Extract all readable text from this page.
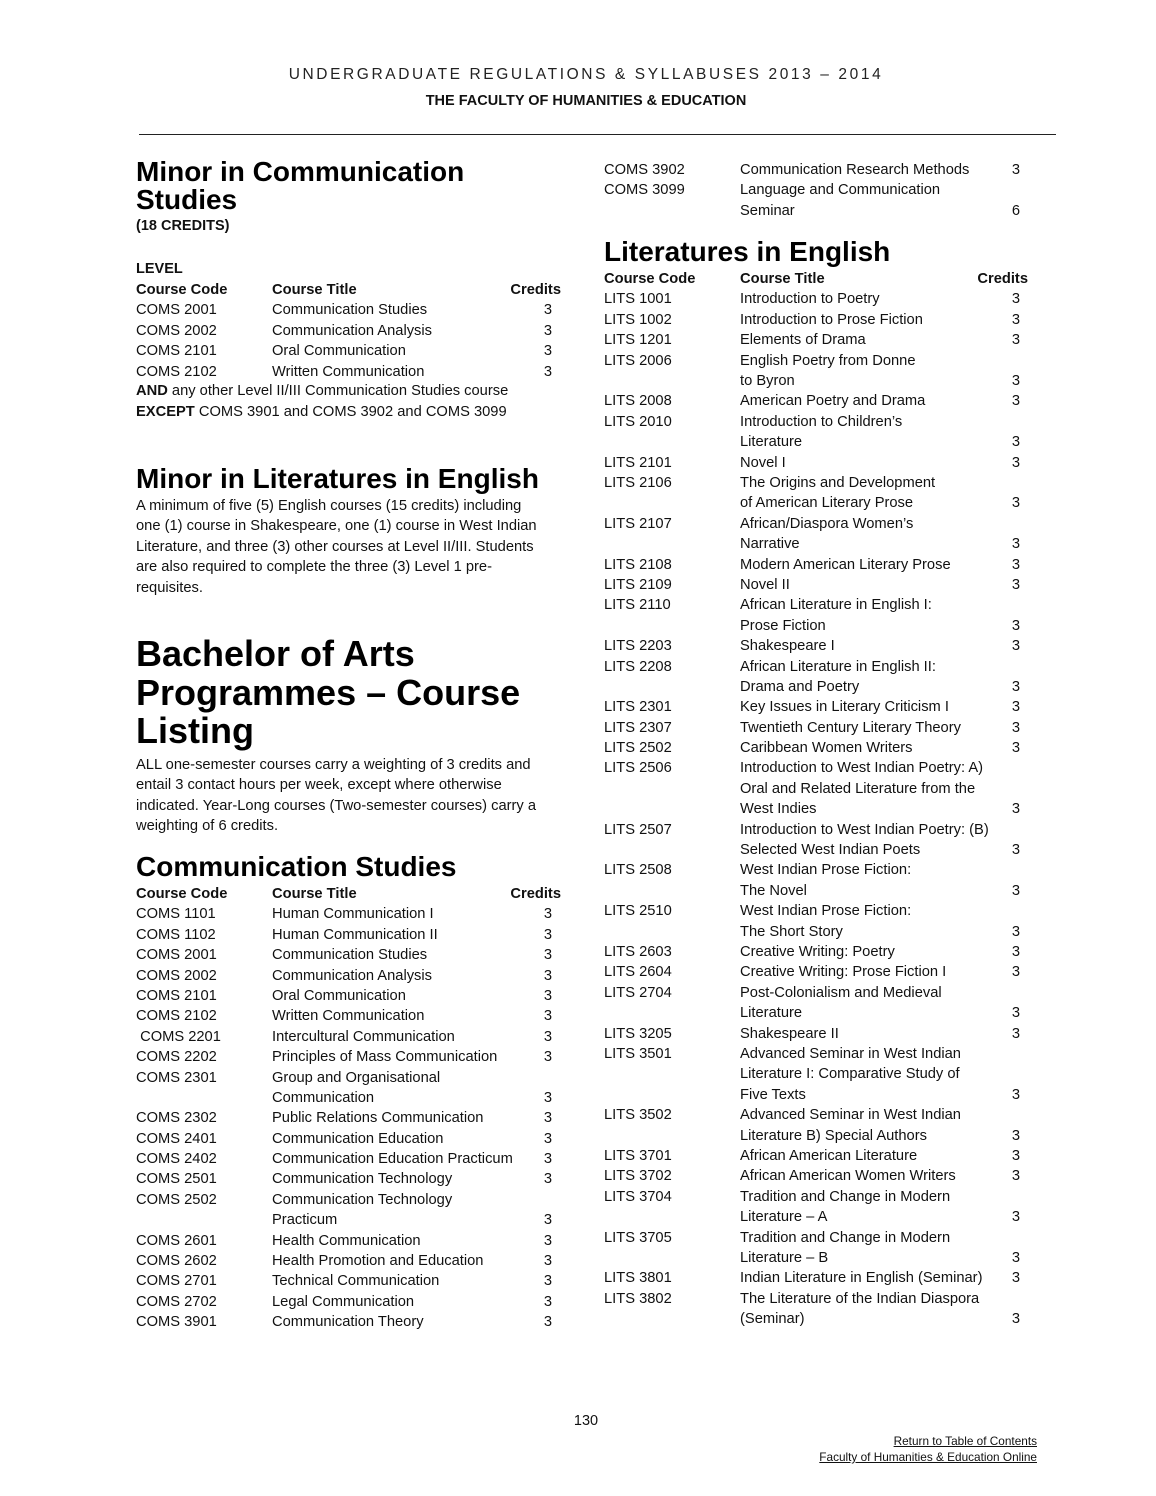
UNDERGRADUATE REGULATIONS & SYLLABUSES 2013 – 2014
THE FACULTY OF HUMANITIES & EDUCATION
Minor in Communication
Studies
(18 CREDITS)
LEVEL
Course Code	Course Title	Credits
COMS 2001	Communication Studies	3
COMS 2002	Communication Analysis	3
COMS 2101	Oral Communication	3
COMS 2102	Written Communication	3
AND any other Level II/III Communication Studies course
EXCEPT COMS 3901 and COMS 3902 and COMS 3099
Minor in Literatures in English
A minimum of five (5) English courses (15 credits) including
one (1) course in Shakespeare, one (1) course in West Indian
Literature, and three (3) other courses at Level II/III. Students
are also required to complete the three (3) Level 1 pre-
requisites.
Bachelor of Arts
Programmes – Course
Listing
ALL one-semester courses carry a weighting of 3 credits and
entail 3 contact hours per week, except where otherwise
indicated. Year-Long courses (Two-semester courses) carry a
weighting of 6 credits.
Communication Studies
Course Code	Course Title	Credits
COMS 1101	Human Communication I	3
COMS 1102	Human Communication II	3
COMS 2001	Communication Studies	3
COMS 2002	Communication Analysis	3
COMS 2101	Oral Communication	3
COMS 2102	Written Communication	3
COMS 2201	Intercultural Communication	3
COMS 2202	Principles of Mass Communication	3
COMS 2301	Group and Organisational
Communication	3
COMS 2302	Public Relations Communication	3
COMS 2401	Communication Education	3
COMS 2402	Communication Education Practicum	3
COMS 2501	Communication Technology	3
COMS 2502	Communication Technology
Practicum	3
COMS 2601	Health Communication	3
COMS 2602	Health Promotion and Education	3
COMS 2701	Technical Communication	3
COMS 2702	Legal Communication	3
COMS 3901	Communication Theory	3
COMS 3902	Communication Research Methods	3
COMS 3099	Language and Communication
Seminar	6
Literatures in English
Course Code	Course Title	Credits
LITS 1001	Introduction to Poetry	3
LITS 1002	Introduction to Prose Fiction	3
LITS 1201	Elements of Drama	3
LITS 2006	English Poetry from Donne
to Byron	3
LITS 2008	American Poetry and Drama	3
LITS 2010	Introduction to Children’s
Literature	3
LITS 2101	Novel I	3
LITS 2106	The Origins and Development
of American Literary Prose	3
LITS 2107	African/Diaspora Women’s
Narrative	3
LITS 2108	Modern American Literary Prose	3
LITS 2109	Novel II	3
LITS 2110	African Literature in English I:
Prose Fiction	3
LITS 2203	Shakespeare I	3
LITS 2208	African Literature in English II:
Drama and Poetry	3
LITS 2301	Key Issues in Literary Criticism I	3
LITS 2307	Twentieth Century Literary Theory	3
LITS 2502	Caribbean Women Writers	3
LITS 2506	Introduction to West Indian Poetry: A)
Oral and Related Literature from the
West Indies	3
LITS 2507	Introduction to West Indian Poetry: (B)
Selected West Indian Poets	3
LITS 2508	West Indian Prose Fiction:
The Novel	3
LITS 2510	West Indian Prose Fiction:
The Short Story	3
LITS 2603	Creative Writing: Poetry	3
LITS 2604	Creative Writing: Prose Fiction I	3
LITS 2704	Post-Colonialism and Medieval
Literature	3
LITS 3205	Shakespeare II	3
LITS 3501	Advanced Seminar in West Indian
Literature I: Comparative Study of
Five Texts	3
LITS 3502	Advanced Seminar in West Indian
Literature B) Special Authors	3
LITS 3701	African American Literature	3
LITS 3702	African American Women Writers	3
LITS 3704	Tradition and Change in Modern
Literature – A	3
LITS 3705	Tradition and Change in Modern
Literature – B	3
LITS 3801	Indian Literature in English (Seminar)	3
LITS 3802	The Literature of the Indian Diaspora
(Seminar)	3
130
Return to Table of Contents
Faculty of Humanities & Education Online
